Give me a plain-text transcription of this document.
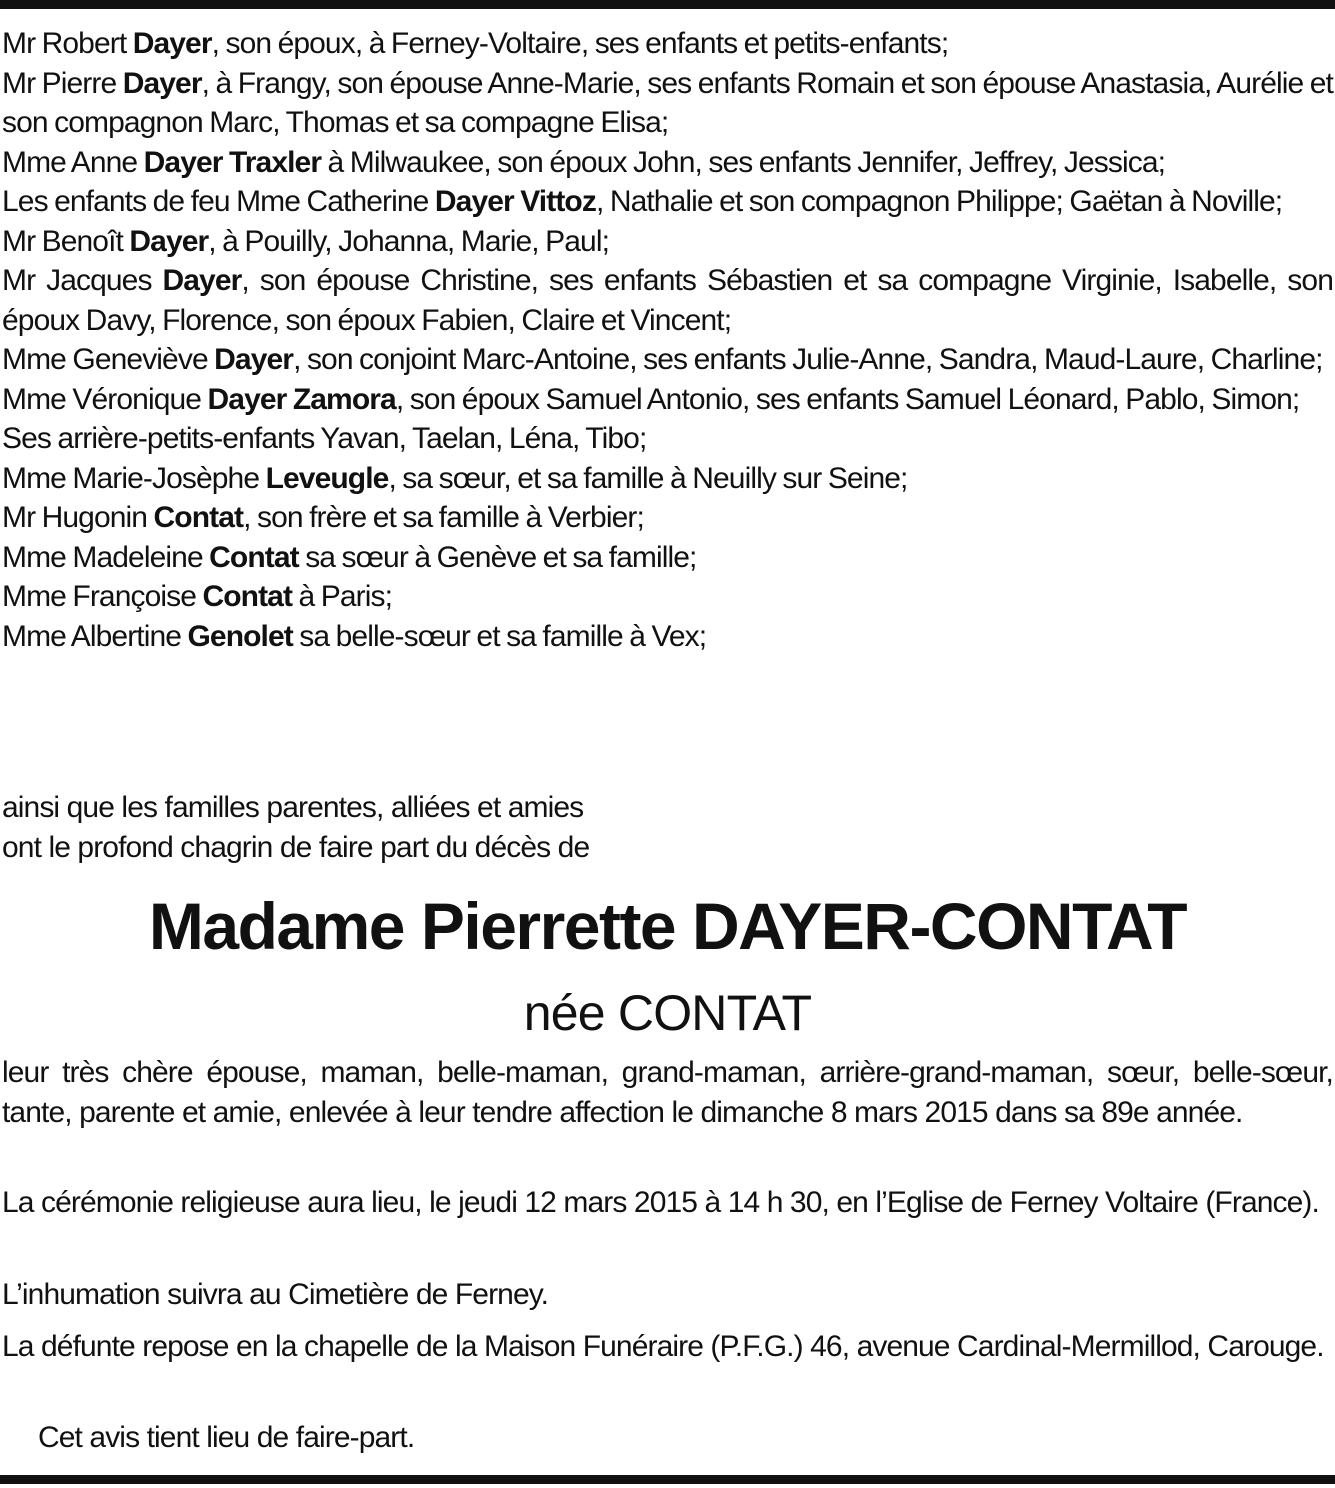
Mr Robert Dayer, son époux, à Ferney-Voltaire, ses enfants et petits-enfants;
Mr Pierre Dayer, à Frangy, son épouse Anne-Marie, ses enfants Romain et son épouse Anastasia, Aurélie et son compagnon Marc, Thomas et sa compagne Elisa;
Mme Anne Dayer Traxler à Milwaukee, son époux John, ses enfants Jennifer, Jeffrey, Jessica;
Les enfants de feu Mme Catherine Dayer Vittoz, Nathalie et son compagnon Philippe; Gaëtan à Noville;
Mr Benoît Dayer, à Pouilly, Johanna, Marie, Paul;
Mr Jacques Dayer, son épouse Christine, ses enfants Sébastien et sa compagne Virginie, Isabelle, son époux Davy, Florence, son époux Fabien, Claire et Vincent;
Mme Geneviève Dayer, son conjoint Marc-Antoine, ses enfants Julie-Anne, Sandra, Maud-Laure, Charline;
Mme Véronique Dayer Zamora, son époux Samuel Antonio, ses enfants Samuel Léonard, Pablo, Simon;
Ses arrière-petits-enfants Yavan, Taelan, Léna, Tibo;
Mme Marie-Josèphe Leveugle, sa sœur, et sa famille à Neuilly sur Seine;
Mr Hugonin Contat, son frère et sa famille à Verbier;
Mme Madeleine Contat sa sœur à Genève et sa famille;
Mme Françoise Contat à Paris;
Mme Albertine Genolet sa belle-sœur et sa famille à Vex;
ainsi que les familles parentes, alliées et amies
ont le profond chagrin de faire part du décès de
Madame Pierrette DAYER-CONTAT
née CONTAT
leur très chère épouse, maman, belle-maman, grand-maman, arrière-grand-maman, sœur, belle-sœur, tante, parente et amie, enlevée à leur tendre affection le dimanche 8 mars 2015 dans sa 89e année.
La cérémonie religieuse aura lieu, le jeudi 12 mars 2015 à 14 h 30, en l’Eglise de Ferney Voltaire (France).
L’inhumation suivra au Cimetière de Ferney.
La défunte repose en la chapelle de la Maison Funéraire (P.F.G.) 46, avenue Cardinal-Mermillod, Carouge.
Cet avis tient lieu de faire-part.
